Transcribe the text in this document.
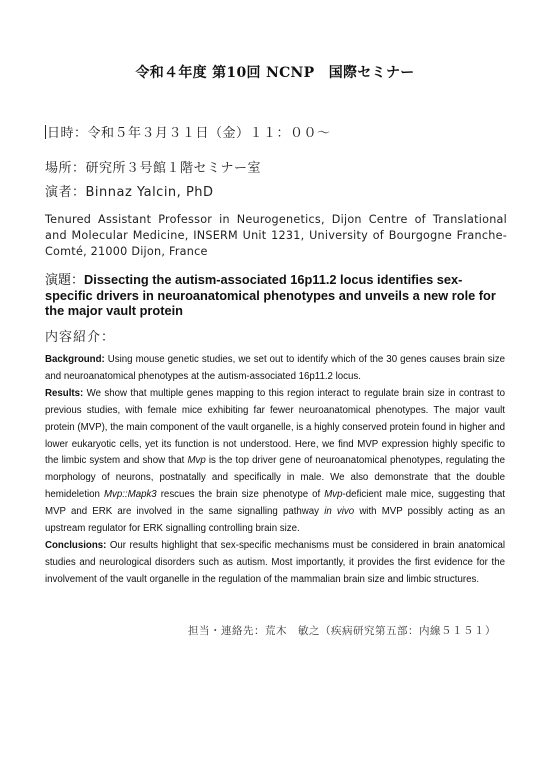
令和４年度 第10回 NCNP　国際セミナー
日時：令和５年３月３１日（金）１１：００～
場所：研究所３号館１階セミナー室
演者：Binnaz Yalcin, PhD
Tenured Assistant Professor in Neurogenetics, Dijon Centre of Translational and Molecular Medicine, INSERM Unit 1231, University of Bourgogne Franche-Comté, 21000 Dijon, France
演題：Dissecting the autism-associated 16p11.2 locus identifies sex-specific drivers in neuroanatomical phenotypes and unveils a new role for the major vault protein
内容紹介：

Background: Using mouse genetic studies, we set out to identify which of the 30 genes causes brain size and neuroanatomical phenotypes at the autism-associated 16p11.2 locus.

Results: We show that multiple genes mapping to this region interact to regulate brain size in contrast to previous studies, with female mice exhibiting far fewer neuroanatomical phenotypes. The major vault protein (MVP), the main component of the vault organelle, is a highly conserved protein found in higher and lower eukaryotic cells, yet its function is not understood. Here, we find MVP expression highly specific to the limbic system and show that Mvp is the top driver gene of neuroanatomical phenotypes, regulating the morphology of neurons, postnatally and specifically in male. We also demonstrate that the double hemideletion Mvp::Mapk3 rescues the brain size phenotype of Mvp-deficient male mice, suggesting that MVP and ERK are involved in the same signalling pathway in vivo with MVP possibly acting as an upstream regulator for ERK signalling controlling brain size.

Conclusions: Our results highlight that sex-specific mechanisms must be considered in brain anatomical studies and neurological disorders such as autism. Most importantly, it provides the first evidence for the involvement of the vault organelle in the regulation of the mammalian brain size and limbic structures.

担当・連絡先：荒木　敏之（疾病研究第五部：内線５１５１）
